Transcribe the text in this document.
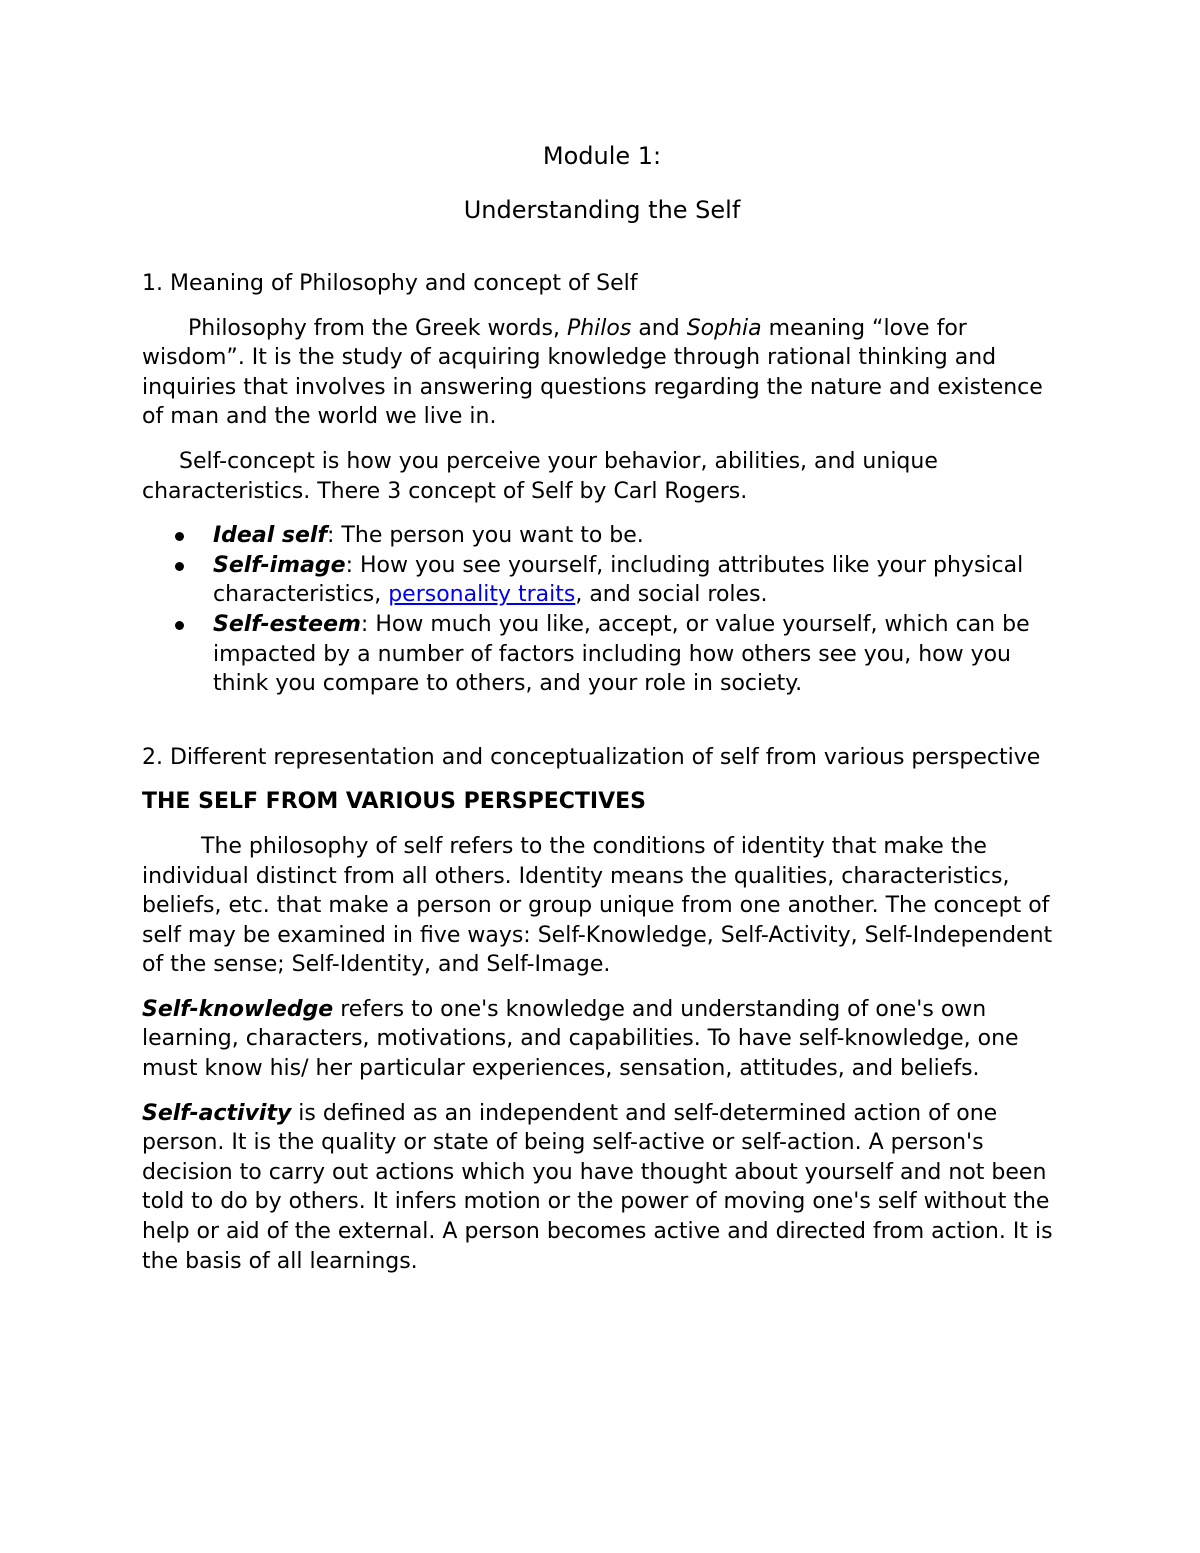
Module 1:

Understanding the Self

1. Meaning of Philosophy and concept of Self

Philosophy from the Greek words, Philos and Sophia meaning “love for wisdom”. It is the study of acquiring knowledge through rational thinking and inquiries that involves in answering questions regarding the nature and existence of man and the world we live in.

Self-concept is how you perceive your behavior, abilities, and unique characteristics. There 3 concept of Self by Carl Rogers.

Ideal self: The person you want to be.
Self-image: How you see yourself, including attributes like your physical characteristics, personality traits, and social roles.
Self-esteem: How much you like, accept, or value yourself, which can be impacted by a number of factors including how others see you, how you think you compare to others, and your role in society.

2. Different representation and conceptualization of self from various perspective

THE SELF FROM VARIOUS PERSPECTIVES

The philosophy of self refers to the conditions of identity that make the individual distinct from all others. Identity means the qualities, characteristics, beliefs, etc. that make a person or group unique from one another. The concept of self may be examined in five ways: Self-Knowledge, Self-Activity, Self-Independent of the sense; Self-Identity, and Self-Image.

Self-knowledge refers to one's knowledge and understanding of one's own learning, characters, motivations, and capabilities. To have self-knowledge, one must know his/ her particular experiences, sensation, attitudes, and beliefs.

Self-activity is defined as an independent and self-determined action of one person. It is the quality or state of being self-active or self-action. A person's decision to carry out actions which you have thought about yourself and not been told to do by others. It infers motion or the power of moving one's self without the help or aid of the external. A person becomes active and directed from action. It is the basis of all learnings.
